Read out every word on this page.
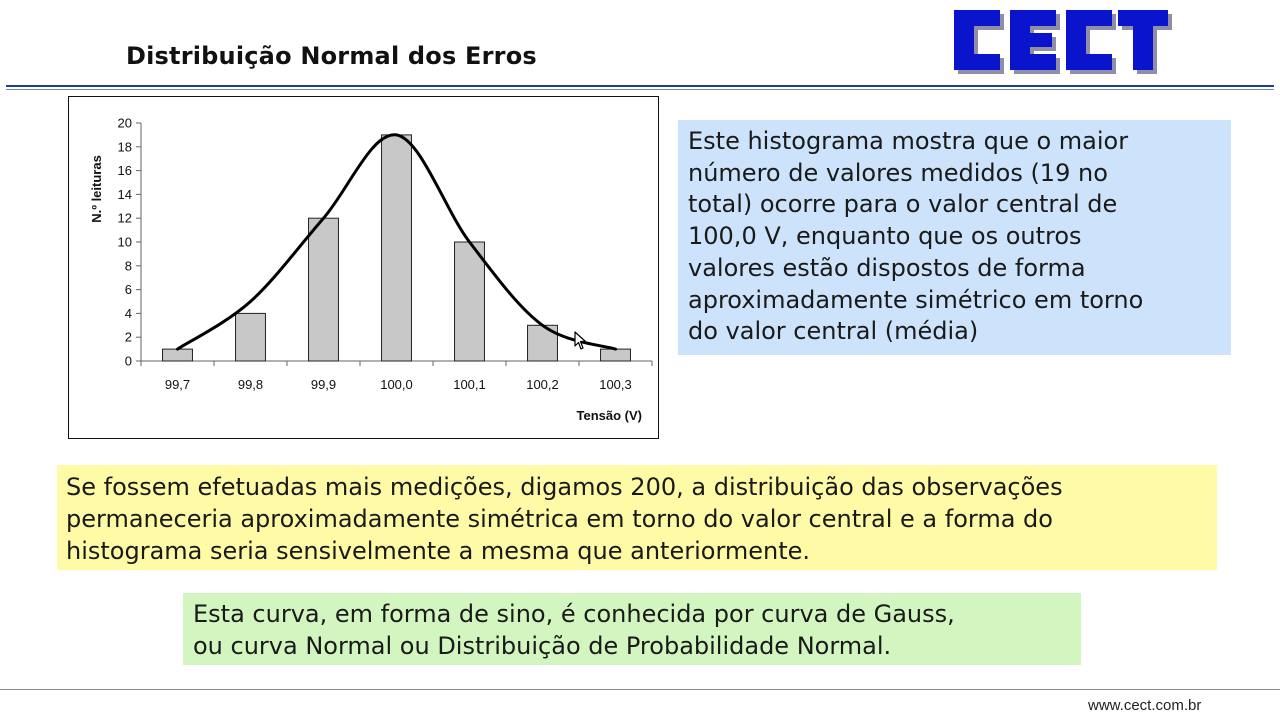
Distribuição Normal dos Erros
0
2
4
6
8
10
12
14
16
18
20
99,7	99,8	99,9	100,0	100,1	100,2	100,3
Tensão (V)
N.º leituras
Este histograma mostra que o maior
número de valores medidos (19 no
total) ocorre para o valor central de
100,0 V, enquanto que os outros
valores estão dispostos de forma
aproximadamente simétrico em torno
do valor central (média)
Se fossem efetuadas mais medições, digamos 200, a distribuição das observações
permaneceria aproximadamente simétrica em torno do valor central e a forma do
histograma seria sensivelmente a mesma que anteriormente.
Esta curva, em forma de sino, é conhecida por curva de Gauss,
ou curva Normal ou Distribuição de Probabilidade Normal.
www.cect.com.br
